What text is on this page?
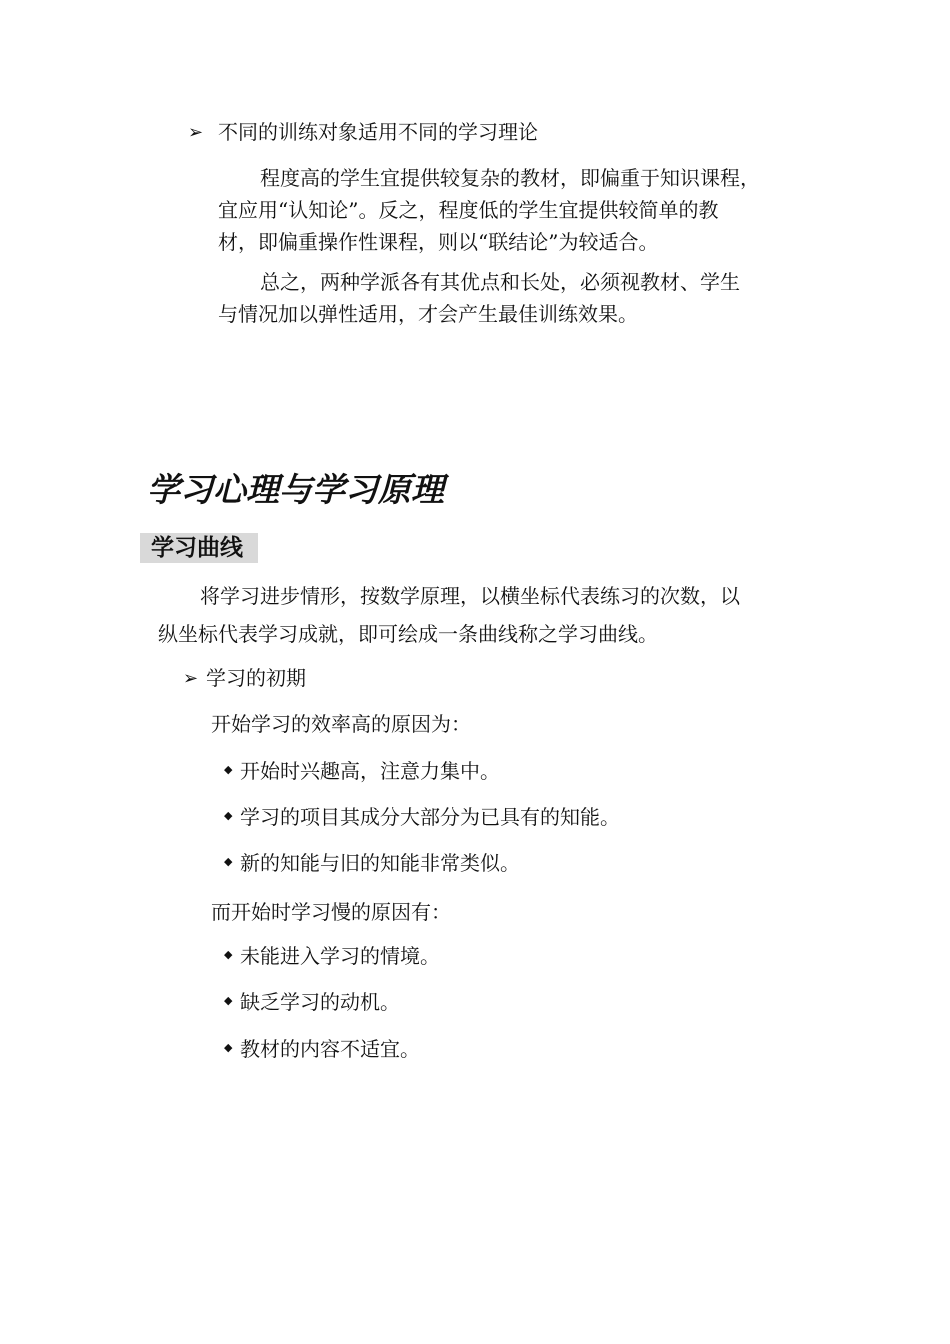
➢ 不同的训练对象适用不同的学习理论
程度高的学生宜提供较复杂的教材，即偏重于知识课程，
宜应用“认知论”。反之，程度低的学生宜提供较简单的教
材，即偏重操作性课程，则以“联结论”为较适合。
总之，两种学派各有其优点和长处，必须视教材、学生
与情况加以弹性适用，才会产生最佳训练效果。
学习心理与学习原理
学习曲线
将学习进步情形，按数学原理，以横坐标代表练习的次数，以
纵坐标代表学习成就，即可绘成一条曲线称之学习曲线。
➢ 学习的初期
开始学习的效率高的原因为：
◆ 开始时兴趣高，注意力集中。
◆ 学习的项目其成分大部分为已具有的知能。
◆ 新的知能与旧的知能非常类似。
而开始时学习慢的原因有：
◆ 未能进入学习的情境。
◆ 缺乏学习的动机。
◆ 教材的内容不适宜。
